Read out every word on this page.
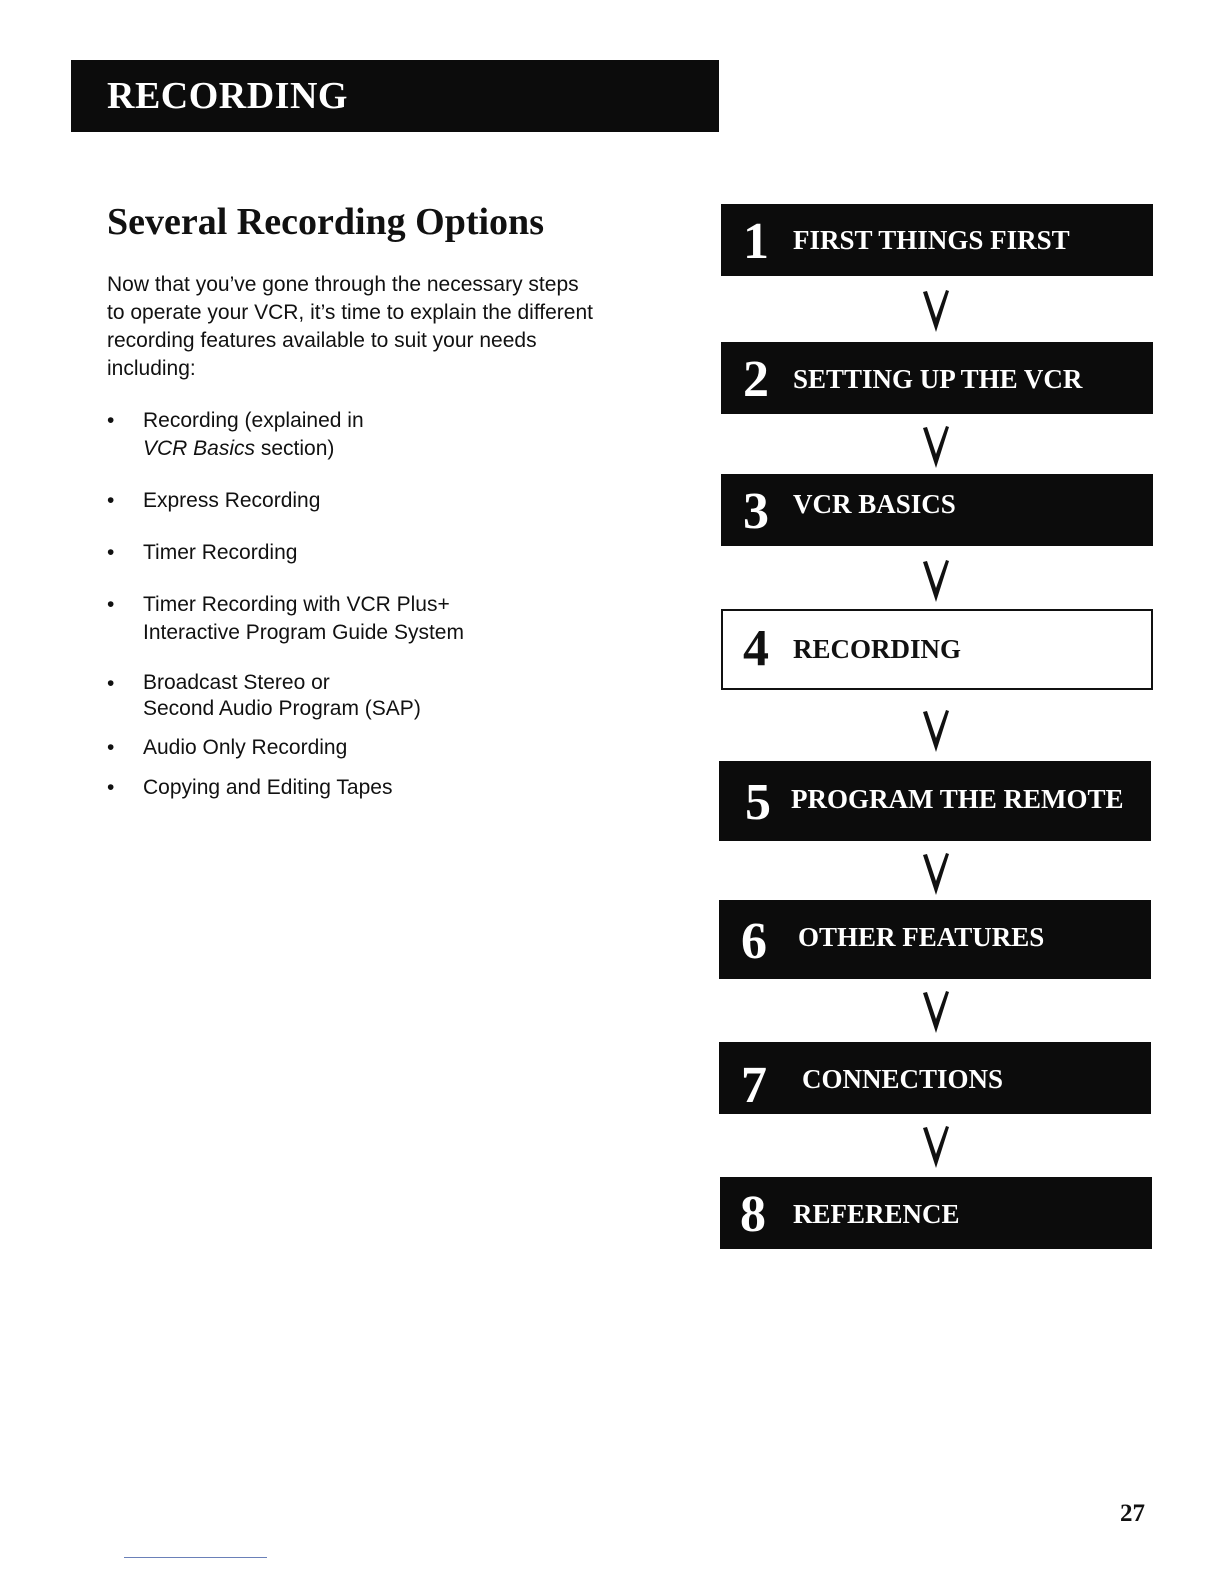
RECORDING
Several Recording Options

Now that you’ve gone through the necessary steps
to operate your VCR, it’s time to explain the different
recording features available to suit your needs
including:

• Recording (explained in
VCR Basics section)
• Express Recording
• Timer Recording
• Timer Recording with VCR Plus+
Interactive Program Guide System
• Broadcast Stereo or
Second Audio Program (SAP)
• Audio Only Recording
• Copying and Editing Tapes
1 FIRST THINGS FIRST
2 SETTING UP THE VCR
3 VCR BASICS
4 RECORDING
5 PROGRAM THE REMOTE
6 OTHER FEATURES
7 CONNECTIONS
8 REFERENCE
27
